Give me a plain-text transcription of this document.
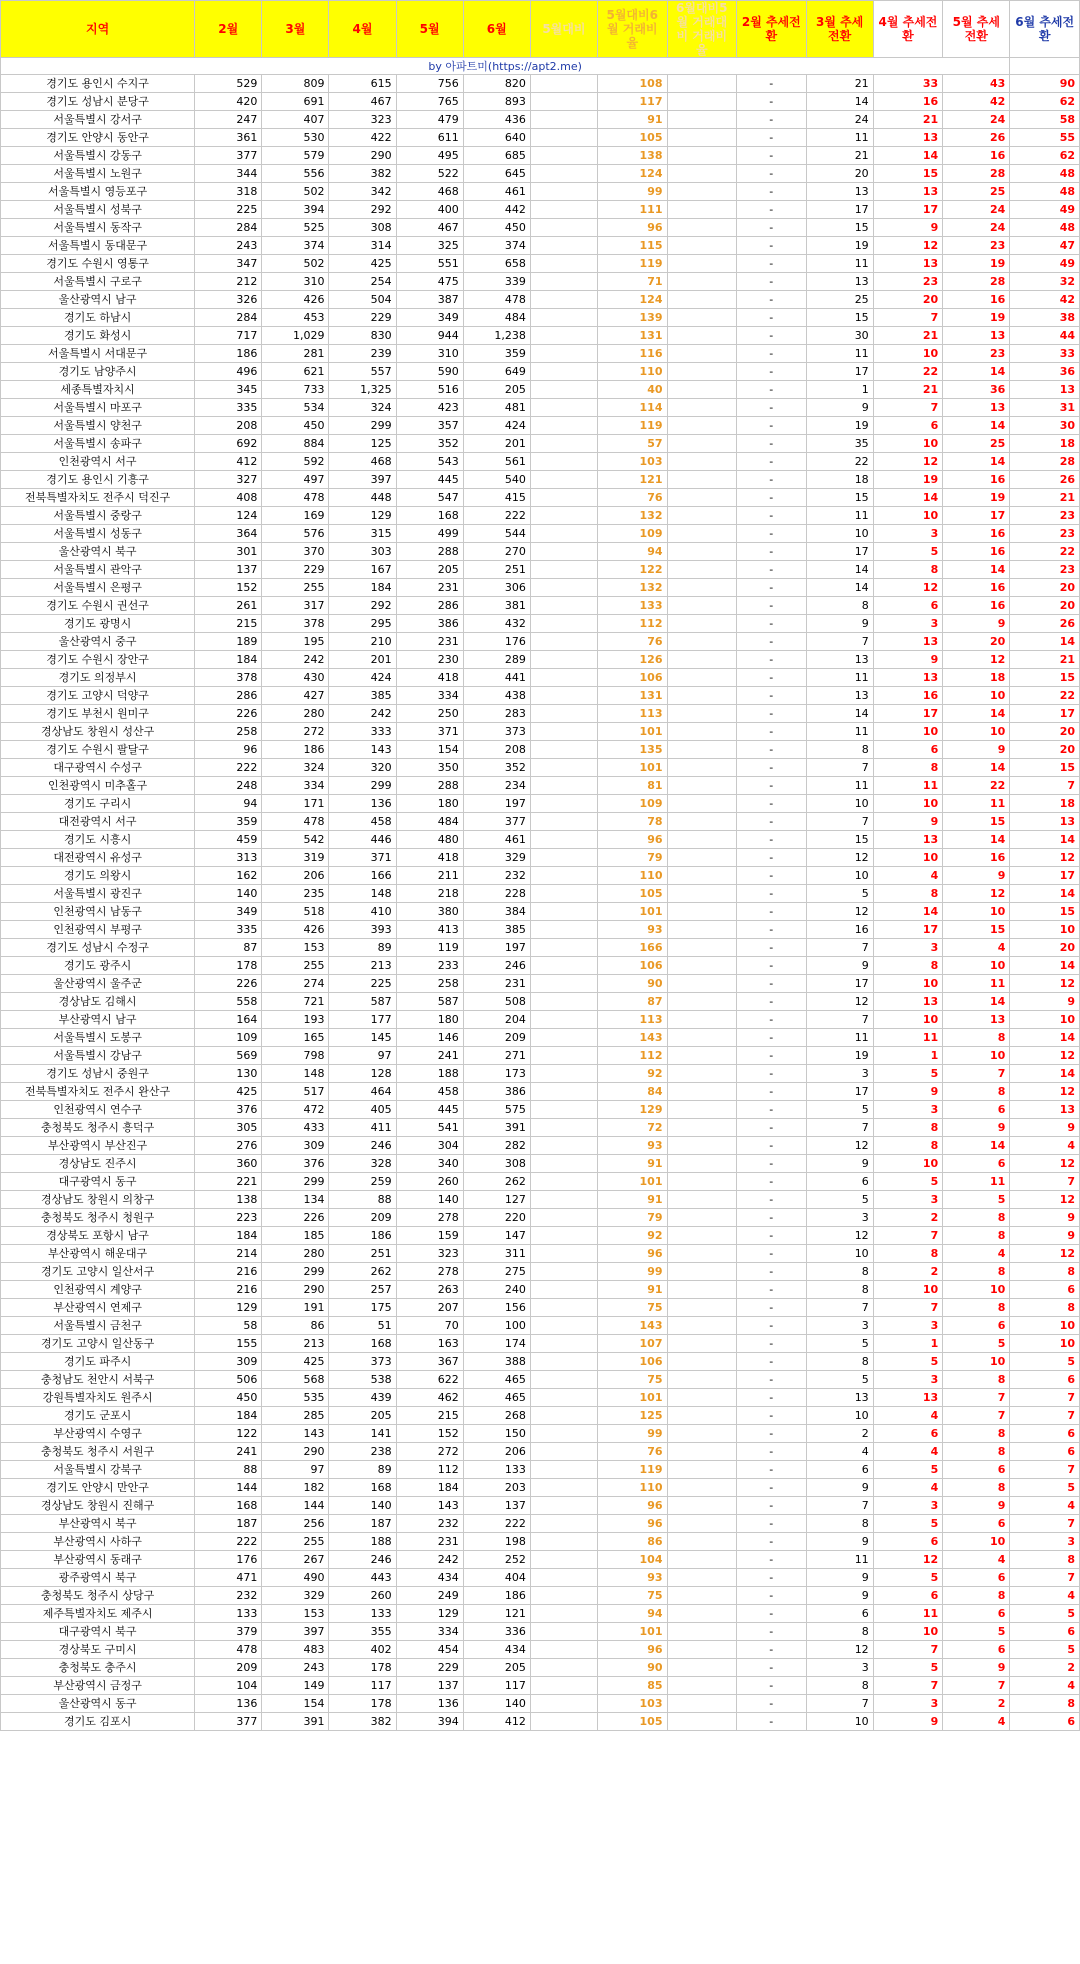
지역	2월	3월	4월	5월	6월	5월대비	5월대비6월 거래비율	6월대비5월 거래대비 거래비율	2월 추세전환	3월 추세전환	4월 추세전환	5월 추세전환	6월 추세전환
by 아파트미(https://apt2.me)													
경기도 용인시 수지구	529	809	615	756	820		108		-	21	33	43	90
경기도 성남시 분당구	420	691	467	765	893		117		-	14	16	42	62
서울특별시 강서구	247	407	323	479	436		91		-	24	21	24	58
경기도 안양시 동안구	361	530	422	611	640		105		-	11	13	26	55
서울특별시 강동구	377	579	290	495	685		138		-	21	14	16	62
서울특별시 노원구	344	556	382	522	645		124		-	20	15	28	48
서울특별시 영등포구	318	502	342	468	461		99		-	13	13	25	48
서울특별시 성북구	225	394	292	400	442		111		-	17	17	24	49
서울특별시 동작구	284	525	308	467	450		96		-	15	9	24	48
서울특별시 동대문구	243	374	314	325	374		115		-	19	12	23	47
경기도 수원시 영통구	347	502	425	551	658		119		-	11	13	19	49
서울특별시 구로구	212	310	254	475	339		71		-	13	23	28	32
울산광역시 남구	326	426	504	387	478		124		-	25	20	16	42
경기도 하남시	284	453	229	349	484		139		-	15	7	19	38
경기도 화성시	717	1,029	830	944	1,238		131		-	30	21	13	44
서울특별시 서대문구	186	281	239	310	359		116		-	11	10	23	33
경기도 남양주시	496	621	557	590	649		110		-	17	22	14	36
세종특별자치시	345	733	1,325	516	205		40		-	1	21	36	13
서울특별시 마포구	335	534	324	423	481		114		-	9	7	13	31
서울특별시 양천구	208	450	299	357	424		119		-	19	6	14	30
서울특별시 송파구	692	884	125	352	201		57		-	35	10	25	18
인천광역시 서구	412	592	468	543	561		103		-	22	12	14	28
경기도 용인시 기흥구	327	497	397	445	540		121		-	18	19	16	26
전북특별자치도 전주시 덕진구	408	478	448	547	415		76		-	15	14	19	21
서울특별시 중랑구	124	169	129	168	222		132		-	11	10	17	23
서울특별시 성동구	364	576	315	499	544		109		-	10	3	16	23
울산광역시 북구	301	370	303	288	270		94		-	17	5	16	22
서울특별시 관악구	137	229	167	205	251		122		-	14	8	14	23
서울특별시 은평구	152	255	184	231	306		132		-	14	12	16	20
경기도 수원시 권선구	261	317	292	286	381		133		-	8	6	16	20
경기도 광명시	215	378	295	386	432		112		-	9	3	9	26
울산광역시 중구	189	195	210	231	176		76		-	7	13	20	14
경기도 수원시 장안구	184	242	201	230	289		126		-	13	9	12	21
경기도 의정부시	378	430	424	418	441		106		-	11	13	18	15
경기도 고양시 덕양구	286	427	385	334	438		131		-	13	16	10	22
경기도 부천시 원미구	226	280	242	250	283		113		-	14	17	14	17
경상남도 창원시 성산구	258	272	333	371	373		101		-	11	10	10	20
경기도 수원시 팔달구	96	186	143	154	208		135		-	8	6	9	20
대구광역시 수성구	222	324	320	350	352		101		-	7	8	14	15
인천광역시 미추홀구	248	334	299	288	234		81		-	11	11	22	7
경기도 구리시	94	171	136	180	197		109		-	10	10	11	18
대전광역시 서구	359	478	458	484	377		78		-	7	9	15	13
경기도 시흥시	459	542	446	480	461		96		-	15	13	14	14
대전광역시 유성구	313	319	371	418	329		79		-	12	10	16	12
경기도 의왕시	162	206	166	211	232		110		-	10	4	9	17
서울특별시 광진구	140	235	148	218	228		105		-	5	8	12	14
인천광역시 남동구	349	518	410	380	384		101		-	12	14	10	15
인천광역시 부평구	335	426	393	413	385		93		-	16	17	15	10
경기도 성남시 수정구	87	153	89	119	197		166		-	7	3	4	20
경기도 광주시	178	255	213	233	246		106		-	9	8	10	14
울산광역시 울주군	226	274	225	258	231		90		-	17	10	11	12
경상남도 김해시	558	721	587	587	508		87		-	12	13	14	9
부산광역시 남구	164	193	177	180	204		113		-	7	10	13	10
서울특별시 도봉구	109	165	145	146	209		143		-	11	11	8	14
서울특별시 강남구	569	798	97	241	271		112		-	19	1	10	12
경기도 성남시 중원구	130	148	128	188	173		92		-	3	5	7	14
전북특별자치도 전주시 완산구	425	517	464	458	386		84		-	17	9	8	12
인천광역시 연수구	376	472	405	445	575		129		-	5	3	6	13
충청북도 청주시 흥덕구	305	433	411	541	391		72		-	7	8	9	9
부산광역시 부산진구	276	309	246	304	282		93		-	12	8	14	4
경상남도 진주시	360	376	328	340	308		91		-	9	10	6	12
대구광역시 동구	221	299	259	260	262		101		-	6	5	11	7
경상남도 창원시 의창구	138	134	88	140	127		91		-	5	3	5	12
충청북도 청주시 청원구	223	226	209	278	220		79		-	3	2	8	9
경상북도 포항시 남구	184	185	186	159	147		92		-	12	7	8	9
부산광역시 해운대구	214	280	251	323	311		96		-	10	8	4	12
경기도 고양시 일산서구	216	299	262	278	275		99		-	8	2	8	8
인천광역시 계양구	216	290	257	263	240		91		-	8	10	10	6
부산광역시 연제구	129	191	175	207	156		75		-	7	7	8	8
서울특별시 금천구	58	86	51	70	100		143		-	3	3	6	10
경기도 고양시 일산동구	155	213	168	163	174		107		-	5	1	5	10
경기도 파주시	309	425	373	367	388		106		-	8	5	10	5
충청남도 천안시 서북구	506	568	538	622	465		75		-	5	3	8	6
강원특별자치도 원주시	450	535	439	462	465		101		-	13	13	7	7
경기도 군포시	184	285	205	215	268		125		-	10	4	7	7
부산광역시 수영구	122	143	141	152	150		99		-	2	6	8	6
충청북도 청주시 서원구	241	290	238	272	206		76		-	4	4	8	6
서울특별시 강북구	88	97	89	112	133		119		-	6	5	6	7
경기도 안양시 만안구	144	182	168	184	203		110		-	9	4	8	5
경상남도 창원시 진해구	168	144	140	143	137		96		-	7	3	9	4
부산광역시 북구	187	256	187	232	222		96		-	8	5	6	7
부산광역시 사하구	222	255	188	231	198		86		-	9	6	10	3
부산광역시 동래구	176	267	246	242	252		104		-	11	12	4	8
광주광역시 북구	471	490	443	434	404		93		-	9	5	6	7
충청북도 청주시 상당구	232	329	260	249	186		75		-	9	6	8	4
제주특별자치도 제주시	133	153	133	129	121		94		-	6	11	6	5
대구광역시 북구	379	397	355	334	336		101		-	8	10	5	6
경상북도 구미시	478	483	402	454	434		96		-	12	7	6	5
충청북도 충주시	209	243	178	229	205		90		-	3	5	9	2
부산광역시 금정구	104	149	117	137	117		85		-	8	7	7	4
울산광역시 동구	136	154	178	136	140		103		-	7	3	2	8
경기도 김포시	377	391	382	394	412		105		-	10	9	4	6
